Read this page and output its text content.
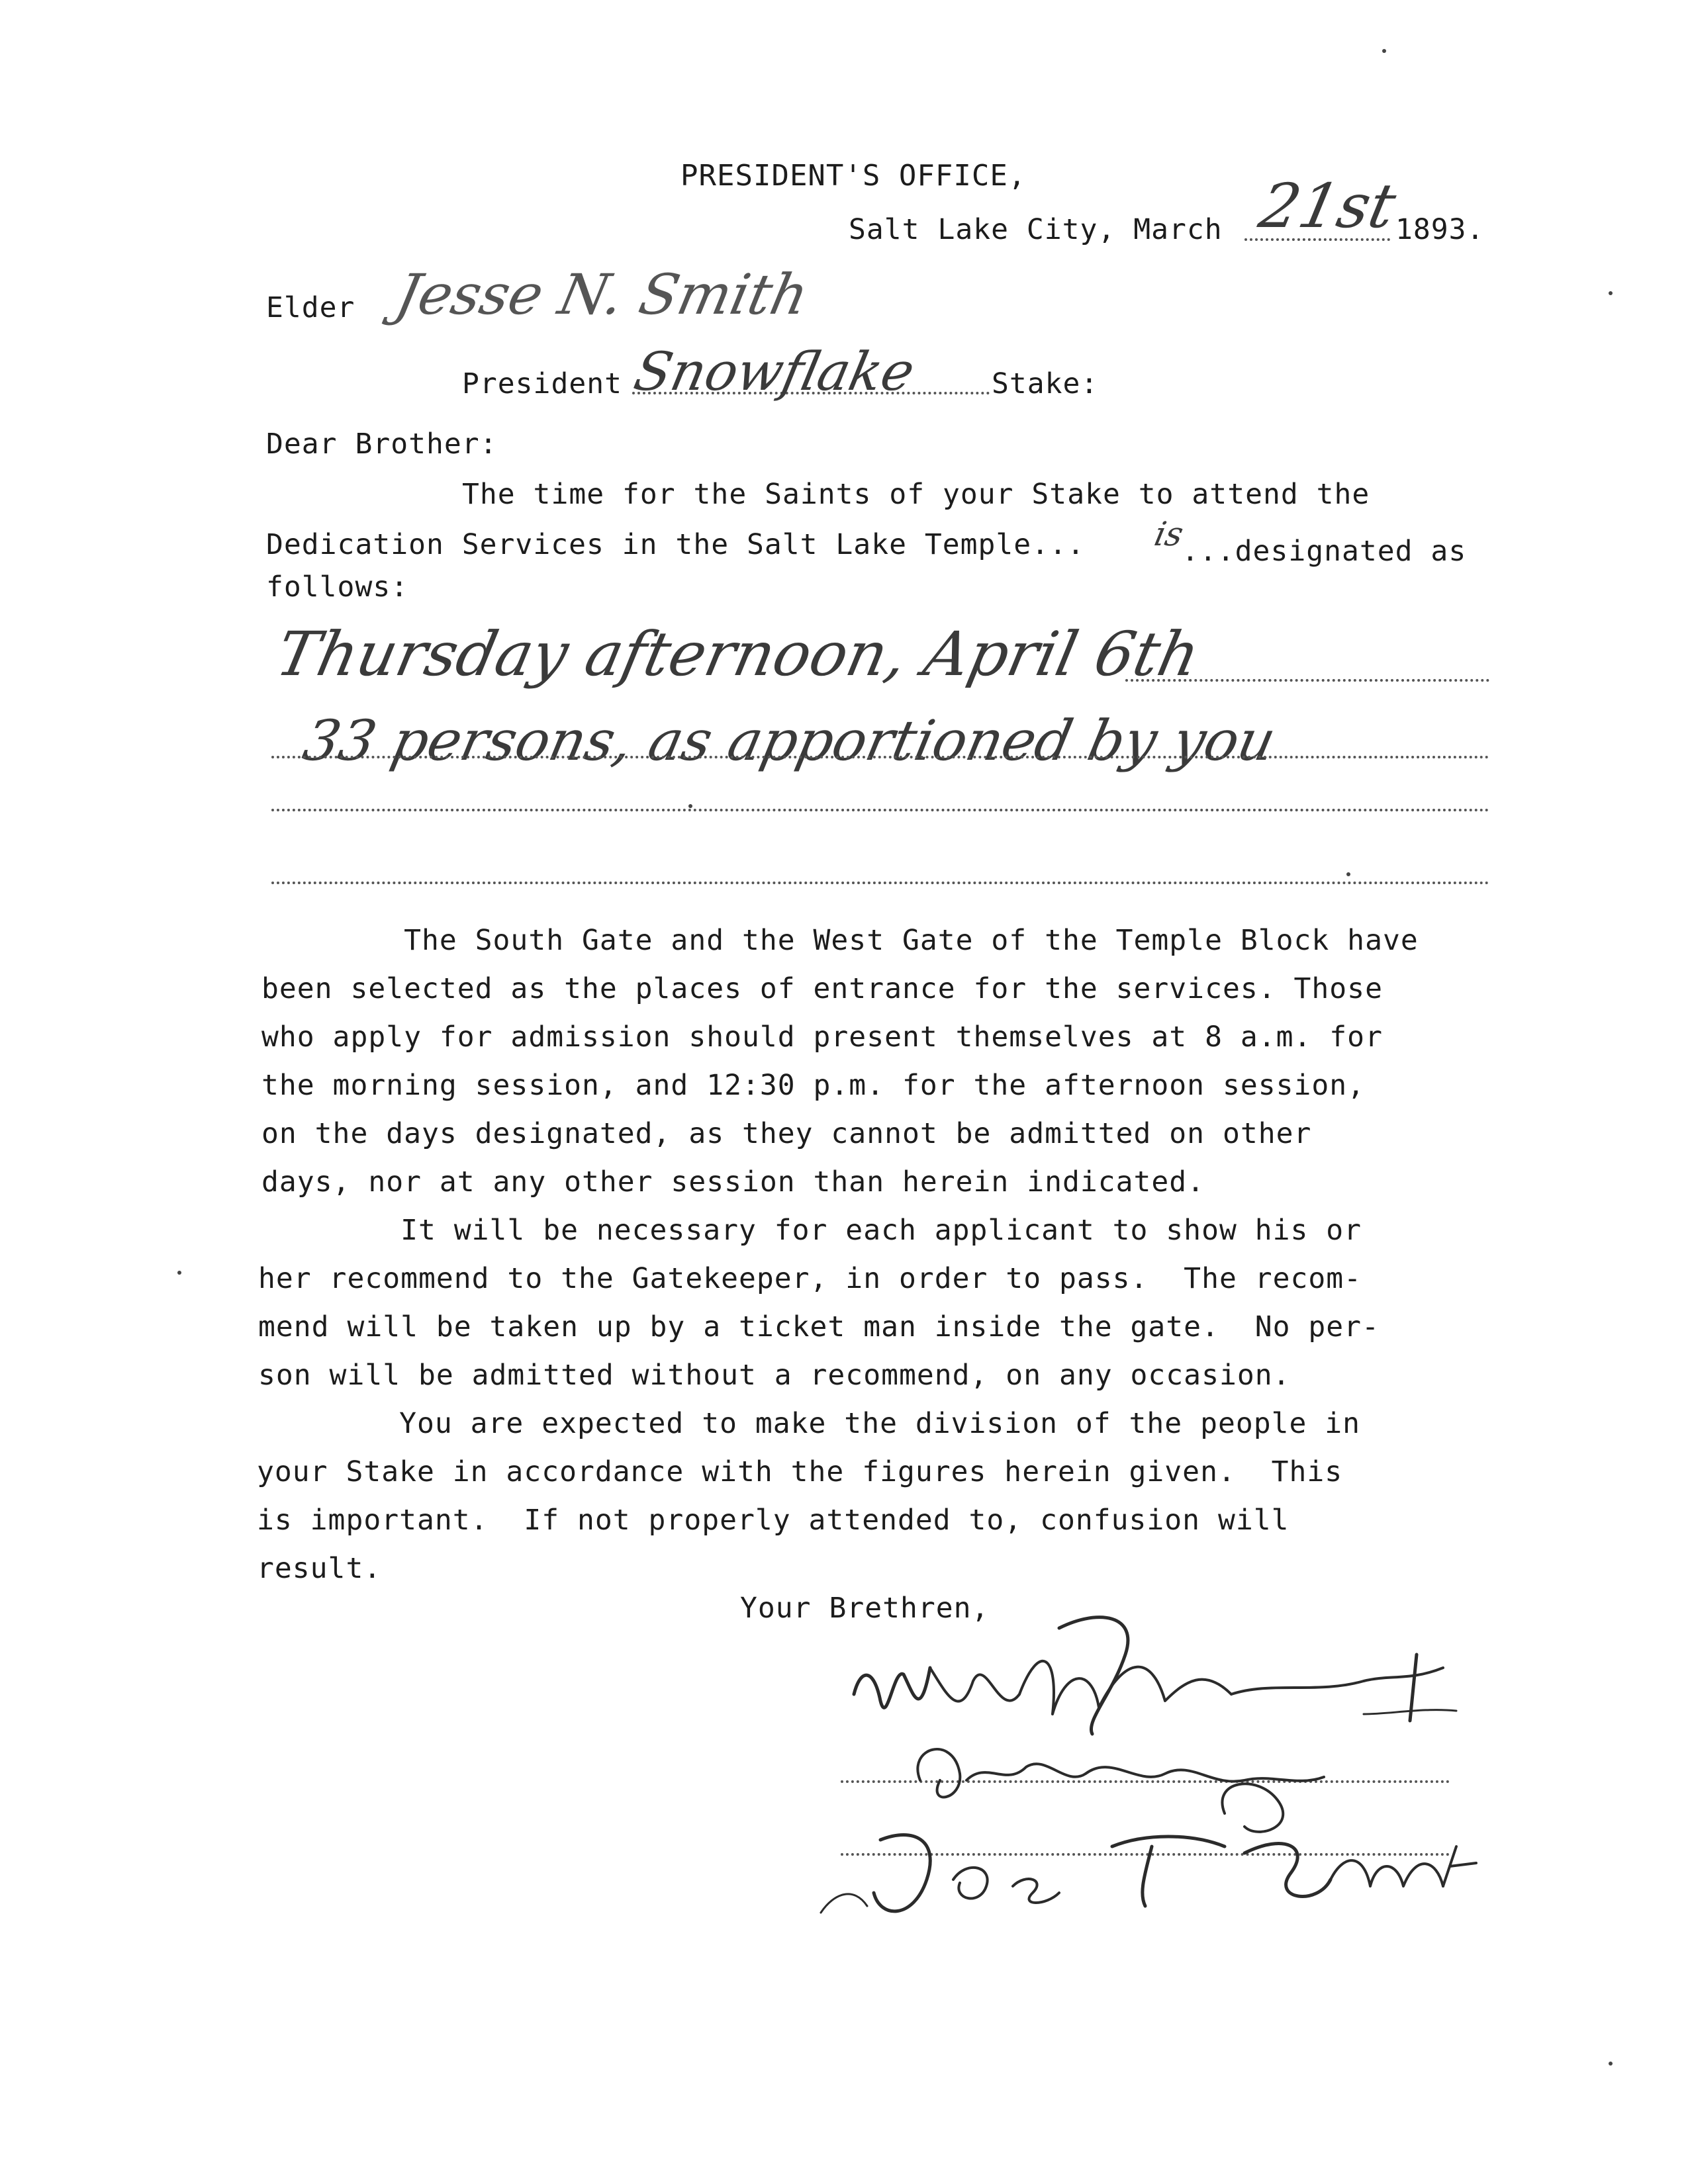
PRESIDENT'S OFFICE,
Salt Lake City, March 21st
1893.
Elder Jesse N. Smith
President Snowflake	Stake:
Dear Brother:
The time for the Saints of your Stake to attend the
Dedication Services in the Salt Lake Temple... is
...designated as
follows:
Thursday afternoon, April 6th
33 persons, as apportioned by you
The South Gate and the West Gate of the Temple Block have
been selected as the places of entrance for the services. Those
who apply for admission should present themselves at 8 a.m. for
the morning session, and 12:30 p.m. for the afternoon session,
on the days designated, as they cannot be admitted on other
days, nor at any other session than herein indicated.
It will be necessary for each applicant to show his or
her recommend to the Gatekeeper, in order to pass.  The recom-
mend will be taken up by a ticket man inside the gate.  No per-
son will be admitted without a recommend, on any occasion.
You are expected to make the division of the people in
your Stake in accordance with the figures herein given.  This
is important.  If not properly attended to, confusion will
result.
Your Brethren,
